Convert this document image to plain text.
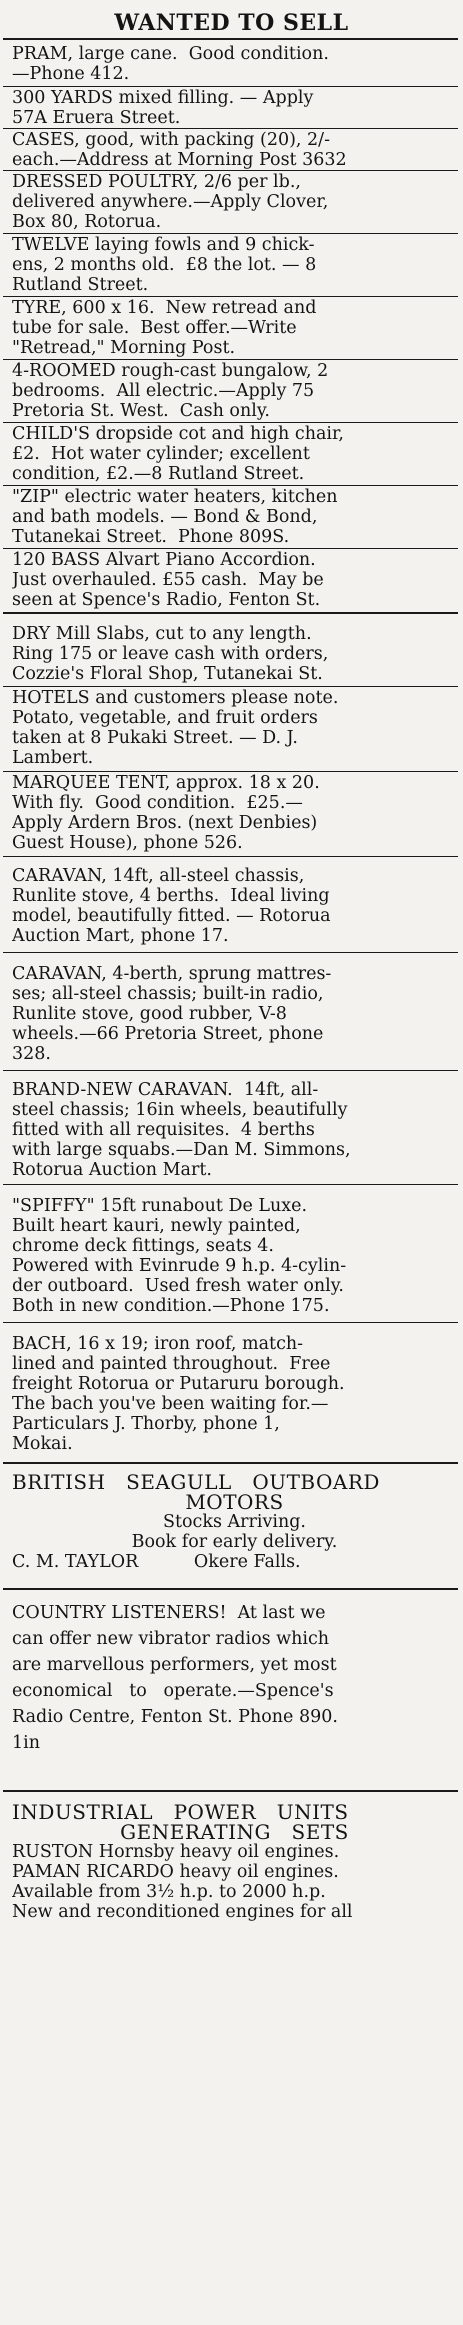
WANTED TO SELL
PRAM, large cane.  Good condition.
—Phone 412.
300 YARDS mixed filling. — Apply
57A Eruera Street.
CASES, good, with packing (20), 2/-
each.—Address at Morning Post 3632
DRESSED POULTRY, 2/6 per lb.,
delivered anywhere.—Apply Clover,
Box 80, Rotorua.
TWELVE laying fowls and 9 chick-
ens, 2 months old.  £8 the lot. — 8
Rutland Street.
TYRE, 600 x 16.  New retread and
tube for sale.  Best offer.—Write
"Retread," Morning Post.
4-ROOMED rough-cast bungalow, 2
bedrooms.  All electric.—Apply 75
Pretoria St. West.  Cash only.
CHILD'S dropside cot and high chair,
£2.  Hot water cylinder; excellent
condition, £2.—8 Rutland Street.
"ZIP" electric water heaters, kitchen
and bath models. — Bond & Bond,
Tutanekai Street.  Phone 809S.
120 BASS Alvart Piano Accordion.
Just overhauled. £55 cash.  May be
seen at Spence's Radio, Fenton St.
DRY Mill Slabs, cut to any length.
Ring 175 or leave cash with orders,
Cozzie's Floral Shop, Tutanekai St.
HOTELS and customers please note.
Potato, vegetable, and fruit orders
taken at 8 Pukaki Street. — D. J.
Lambert.
MARQUEE TENT, approx. 18 x 20.
With fly.  Good condition.  £25.—
Apply Ardern Bros. (next Denbies)
Guest House), phone 526.
CARAVAN, 14ft, all-steel chassis,
Runlite stove, 4 berths.  Ideal living
model, beautifully fitted. — Rotorua
Auction Mart, phone 17.
CARAVAN, 4-berth, sprung mattres-
ses; all-steel chassis; built-in radio,
Runlite stove, good rubber, V-8
wheels.—66 Pretoria Street, phone
328.
BRAND-NEW CARAVAN.  14ft, all-
steel chassis; 16in wheels, beautifully
fitted with all requisites.  4 berths
with large squabs.—Dan M. Simmons,
Rotorua Auction Mart.
"SPIFFY" 15ft runabout De Luxe.
Built heart kauri, newly painted,
chrome deck fittings, seats 4.
Powered with Evinrude 9 h.p. 4-cylin-
der outboard.  Used fresh water only.
Both in new condition.—Phone 175.
BACH, 16 x 19; iron roof, match-
lined and painted throughout.  Free
freight Rotorua or Putaruru borough.
The bach you've been waiting for.—
Particulars J. Thorby, phone 1,
Mokai.
BRITISH   SEAGULL   OUTBOARD
MOTORS
Stocks Arriving.
Book for early delivery.
C. M. TAYLOR          Okere Falls.
COUNTRY LISTENERS!  At last we
can offer new vibrator radios which
are marvellous performers, yet most
economical   to   operate.—Spence's
Radio Centre, Fenton St. Phone 890.
1in
INDUSTRIAL   POWER   UNITS
GENERATING   SETS
RUSTON Hornsby heavy oil engines.
PAMAN RICARDO heavy oil engines.
Available from 3½ h.p. to 2000 h.p.
New and reconditioned engines for all
